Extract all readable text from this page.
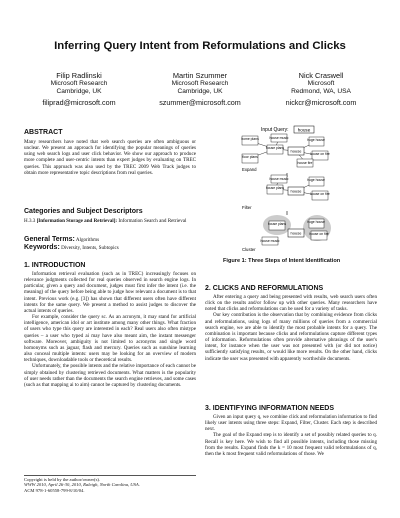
Inferring Query Intent from Reformulations and Clicks
Filip Radlinski
Microsoft Research
Cambridge, UK
filiprad@microsoft.com
Martin Szummer
Microsoft Research
Cambridge, UK
szummer@microsoft.com
Nick Craswell
Microsoft
Redmond, WA, USA
nickcr@microsoft.com
ABSTRACT

Many researchers have noted that web search queries are often ambiguous or unclear. We present an approach for identifying the popular meanings of queries using web search logs and user click behavior. We show our approach to produce more complete and user-centric intents than expert judges by evaluating on TREC queries. This approach was also used by the TREC 2009 Web Track judges to obtain more representative topic descriptions from real queries.

Categories and Subject Descriptors

H.3.3 [Information Storage and Retrieval]: Information Search and Retrieval

General Terms: Algorithms
Keywords: Diversity, Intents, Subtopics
1. INTRODUCTION

Information retrieval evaluation (such as in TREC) increasingly focuses on relevance judgments collected for real queries observed in search engine logs. In particular, given a query and document, judges must first infer the intent (i.e. the meaning) of the query before being able to judge how relevant a document is to that intent. Previous work (e.g. [3]) has shown that different users often have different intents for the same query. We present a method to assist judges to discover the actual intents of queries.

For example, consider the query sc. As an acronym, it may stand for artificial intelligence, american idol or art institute among many other things. What fraction of users who type this query are interested in each? Real users also often mistype queries – a user who typed ai may have also meant aim, the instant messenger software. Moreover, ambiguity is not limited to acronyms and single word homonyms such as jaguar, flash and mercury. Queries such as sunshine learning also conceal multiple intents: users may be looking for an overview of modern techniques, downloadable tools or theoretical results.

Unfortunately, the possible intents and the relative importance of each cannot be simply obtained by clustering retrieved documents. What matters is the popularity of user needs rather than the documents the search engine retrieves, and some cases (such as that mapping ai to aim) cannot be captured by clustering documents.

Copyright is held by the author/owner(s).
WWW 2010, April 26-30, 2010, Raleigh, North Carolina, USA.
ACM 978-1-60558-799-8/10/04.
Input Query: house
home plans
house plans
house
floor plans
huge house
house on fire
house music
house fire
Expand
house plans
house
huge house
house on fire
house music
Filter
house plans
house
huge house
house on fire
house music
Cluster
Figure 1: Three Steps of Intent Identification
2. CLICKS AND REFORMULATIONS

After entering a query and being presented with results, web search users often click on the results and/or follow up with other queries. Many researchers have noted that clicks and reformulations can be used for a variety of tasks.

Our key contribution is the observation that by combining evidence from clicks and reformulations, using logs of many millions of queries from a commercial search engine, we are able to identify the most probable intents for a query. The combination is important because clicks and reformulations capture different types of information. Reformulations often provide alternative phrasings of the user's intent, for instance when the user was not presented with (or did not notice) sufficiently satisfying results, or would like more results. On the other hand, clicks indicate the user was presented with apparently worthwhile documents.

3. IDENTIFYING INFORMATION NEEDS

Given an input query q, we combine click and reformulation information to find likely user intents using three steps: Expand, Filter, Cluster. Each step is described next.

The goal of the Expand step is to identify a set of possibly related queries to q. Recall is key here. We wish to find all possible intents, including those missing from the results. Expand finds the k = 10 most frequent valid reformulations of q, then the k most frequent valid reformulations of those. We
